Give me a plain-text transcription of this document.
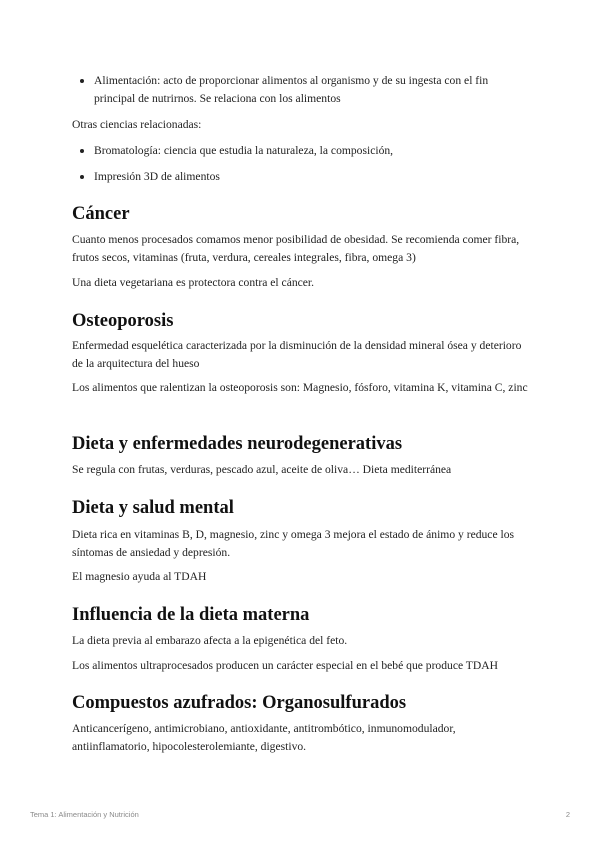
Alimentación: acto de proporcionar alimentos al organismo y de su ingesta con el fin principal de nutrirnos. Se relaciona con los alimentos

Otras ciencias relacionadas:

Bromatología: ciencia que estudia la naturaleza, la composición,
Impresión 3D de alimentos
Cáncer

Cuanto menos procesados comamos menor posibilidad de obesidad. Se recomienda comer fibra, frutos secos, vitaminas (fruta, verdura, cereales integrales, fibra, omega 3)

Una dieta vegetariana es protectora contra el cáncer.

Osteoporosis

Enfermedad esquelética caracterizada por la disminución de la densidad mineral ósea y deterioro de la arquitectura del hueso

Los alimentos que ralentizan la osteoporosis son: Magnesio, fósforo, vitamina K, vitamina C, zinc

Dieta y enfermedades neurodegenerativas

Se regula con frutas, verduras, pescado azul, aceite de oliva… Dieta mediterránea

Dieta y salud mental

Dieta rica en vitaminas B, D, magnesio, zinc y omega 3 mejora el estado de ánimo y reduce los síntomas de ansiedad y depresión.

El magnesio ayuda al TDAH

Influencia de la dieta materna

La dieta previa al embarazo afecta a la epigenética del feto.

Los alimentos ultraprocesados producen un carácter especial en el bebé que produce TDAH

Compuestos azufrados: Organosulfurados

Anticancerígeno, antimicrobiano, antioxidante, antitrombótico, inmunomodulador, antiinflamatorio, hipocolesterolemiante, digestivo.

Tema 1: Alimentación y Nutrición	2
